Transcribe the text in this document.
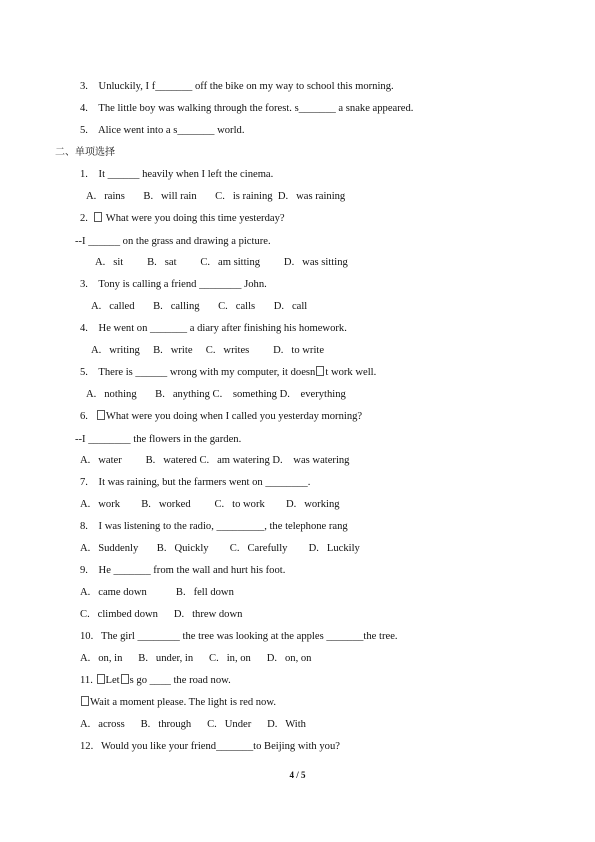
3.    Unluckily, I f_______ off the bike on my way to school this morning.
4.    The little boy was walking through the forest. s_______ a snake appeared.
5.    Alice went into a s_______ world.
二、单项选择
1.    It ______ heavily when I left the cinema.
A.   rains       B.   will rain       C.   is raining  D.   was raining
2.   What were you doing this time yesterday?
--I ______ on the grass and drawing a picture.
A.   sit         B.   sat         C.   am sitting         D.   was sitting
3.    Tony is calling a friend ________ John.
A.   called       B.   calling       C.   calls       D.   call
4.    He went on _______ a diary after finishing his homework.
A.   writing     B.   write     C.   writes         D.   to write
5.    There is ______ wrong with my computer, it doesn t work well.
A.   nothing       B.   anything C.    something D.    everything
6.   What were you doing when I called you yesterday morning?
--I ________ the flowers in the garden.
A.   water         B.   watered C.   am watering D.    was watering
7.    It was raining, but the farmers went on ________.
A.   work        B.   worked         C.   to work        D.   working
8.    I was listening to the radio, _________, the telephone rang
A.   Suddenly       B.   Quickly        C.   Carefully        D.   Luckily
9.    He _______ from the wall and hurt his foot.
A.   came down           B.   fell down
C.   climbed down      D.   threw down
10.   The girl ________ the tree was looking at the apples _______the tree.
A.   on, in      B.   under, in      C.   in, on      D.   on, on
11. Let s go ____ the road now.
Wait a moment please. The light is red now.
A.   across      B.   through      C.   Under      D.   With
12.   Would you like your friend_______to Beijing with you?
4 / 5
